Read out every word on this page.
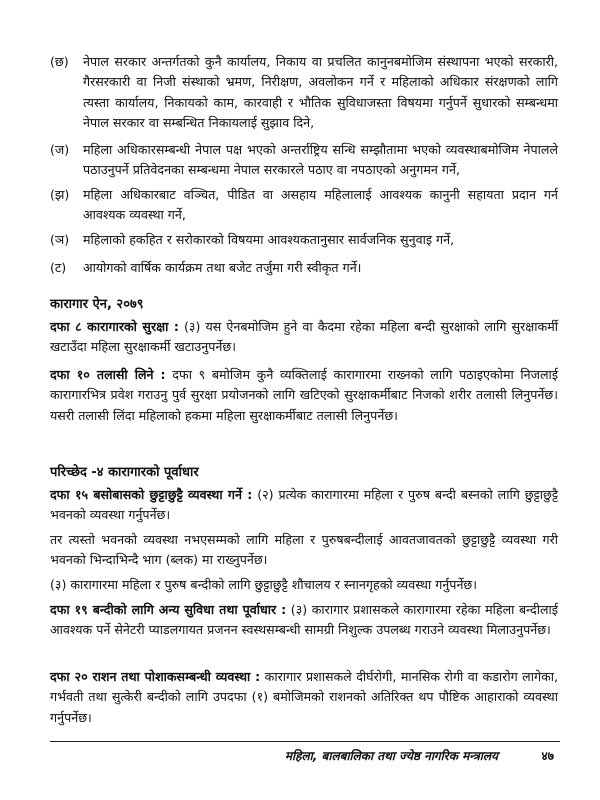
(छ)	नेपाल सरकार अन्तर्गतको कुनै कार्यालय, निकाय वा प्रचलित कानुनबमोजिम संस्थापना भएको सरकारी, गैरसरकारी वा निजी संस्थाको भ्रमण, निरीक्षण, अवलोकन गर्ने र महिलाको अधिकार संरक्षणको लागि त्यस्ता कार्यालय, निकायको काम, कारवाही र भौतिक सुविधाजस्ता विषयमा गर्नुपर्ने सुधारको सम्बन्धमा नेपाल सरकार वा सम्बन्धित निकायलाई सुझाव दिने,
(ज)	महिला अधिकारसम्बन्धी नेपाल पक्ष भएको अन्तर्राष्ट्रिय सन्धि सम्झौतामा भएको व्यवस्थाबमोजिम नेपालले पठाउनुपर्ने प्रतिवेदनका सम्बन्धमा नेपाल सरकारले पठाए वा नपठाएको अनुगमन गर्ने,
(झ)	महिला अधिकारबाट वञ्चित, पीडित वा असहाय महिलालाई आवश्यक कानुनी सहायता प्रदान गर्न आवश्यक व्यवस्था गर्ने,
(ञ)	महिलाको हकहित र सरोकारको विषयमा आवश्यकतानुसार सार्वजनिक सुनुवाइ गर्ने,
(ट)	आयोगको वार्षिक कार्यक्रम तथा बजेट तर्जुमा गरी स्वीकृत गर्ने।
कारागार ऐन, २०७९
दफा ८ कारागारको सुरक्षा : (३) यस ऐनबमोजिम हुने वा कैदमा रहेका महिला बन्दी सुरक्षाको लागि सुरक्षाकर्मी खटाउँदा महिला सुरक्षाकर्मी खटाउनुपर्नेछ।
दफा १० तलासी लिने : दफा ९ बमोजिम कुनै व्यक्तिलाई कारागारमा राख्नको लागि पठाइएकोमा निजलाई कारागारभित्र प्रवेश गराउनु पुर्व सुरक्षा प्रयोजनको लागि खटिएको सुरक्षाकर्मीबाट निजको शरीर तलासी लिनुपर्नेछ। यसरी तलासी लिंदा महिलाको हकमा महिला सुरक्षाकर्मीबाट तलासी लिनुपर्नेछ।
परिच्छेद -४ कारागारको पूर्वाधार
दफा १५ बसोबासको छुट्टाछुट्टै व्यवस्था गर्ने : (२) प्रत्येक कारागारमा महिला र पुरुष बन्दी बस्नको लागि छुट्टाछुट्टै भवनको व्यवस्था गर्नुपर्नेछ।
तर त्यस्तो भवनको व्यवस्था नभएसम्मको लागि महिला र पुरुषबन्दीलाई आवतजावतको छुट्टाछुट्टै व्यवस्था गरी भवनको भिन्दाभिन्दै भाग (ब्लक) मा राख्नुपर्नेछ।
(३) कारागारमा महिला र पुरुष बन्दीको लागि छुट्टाछुट्टै शौचालय र स्नानगृहको व्यवस्था गर्नुपर्नेछ।
दफा १९ बन्दीको लागि अन्य सुविधा तथा पूर्वाधार : (३) कारागार प्रशासकले कारागारमा रहेका महिला बन्दीलाई आवश्यक पर्ने सेनेटरी प्याडलगायत प्रजनन स्वस्थसम्बन्धी सामग्री निशुल्क उपलब्ध गराउने व्यवस्था मिलाउनुपर्नेछ।
दफा २० राशन तथा पोशाकसम्बन्धी व्यवस्था : कारागार प्रशासकले दीर्घरोगी, मानसिक रोगी वा कडारोग लागेका, गर्भवती तथा सुत्केरी बन्दीको लागि उपदफा (१) बमोजिमको राशनको अतिरिक्त थप पौष्टिक आहाराको व्यवस्था गर्नुपर्नेछ।
महिला, बालबालिका तथा ज्येष्ठ नागरिक मन्त्रालय	४७
